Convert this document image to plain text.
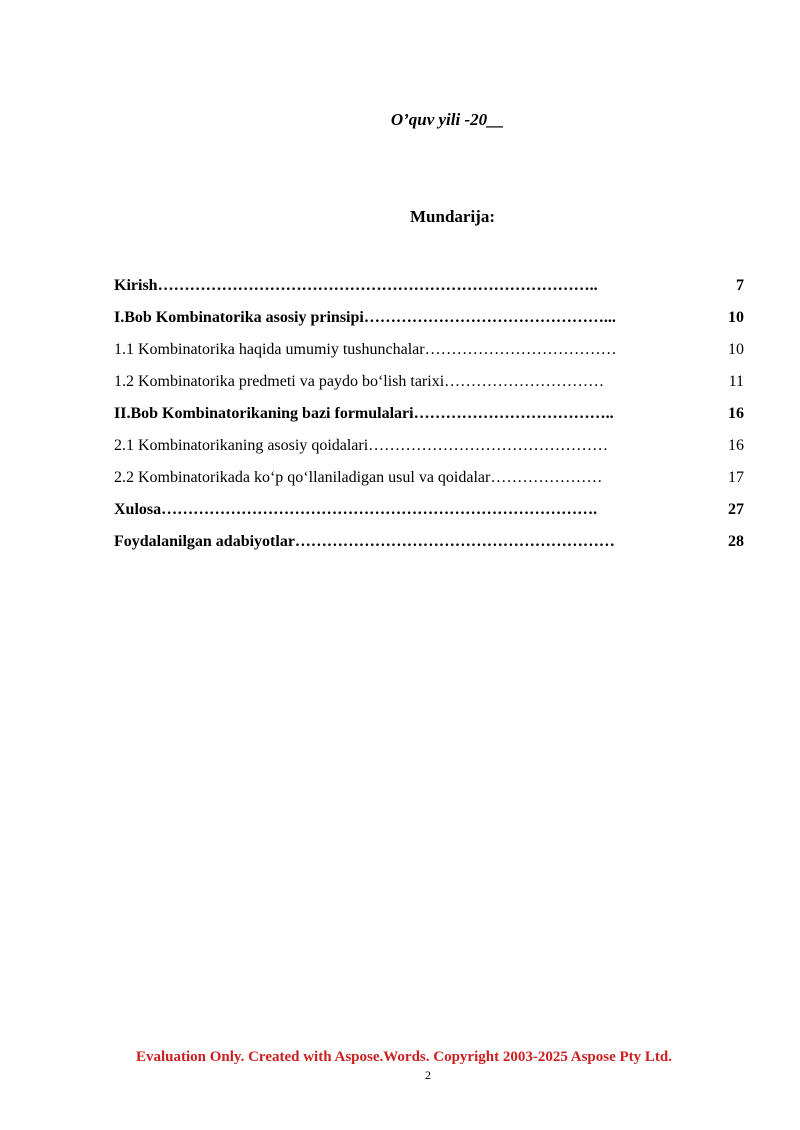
O’quv yili -20__
Mundarija:
Kirish………………………………………………………………………..	7
I.Bob Kombinatorika asosiy prinsipi………………………………………...	10
1.1 Kombinatorika haqida umumiy tushunchalar………………………………	10
1.2 Kombinatorika predmeti va paydo bo‘lish tarixi…………………………	11
II.Bob Kombinatorikaning bazi formulalari………………………………..	16
2.1 Kombinatorikaning asosiy qoidalari………………………………………	16
2.2 Kombinatorikada ko‘p qo‘llaniladigan usul va qoidalar…………………	17
Xulosa……………………………………………………………………….	27
Foydalanilgan adabiyotlar……………………………………………………	28
Evaluation Only. Created with Aspose.Words. Copyright 2003-2025 Aspose Pty Ltd.
2
